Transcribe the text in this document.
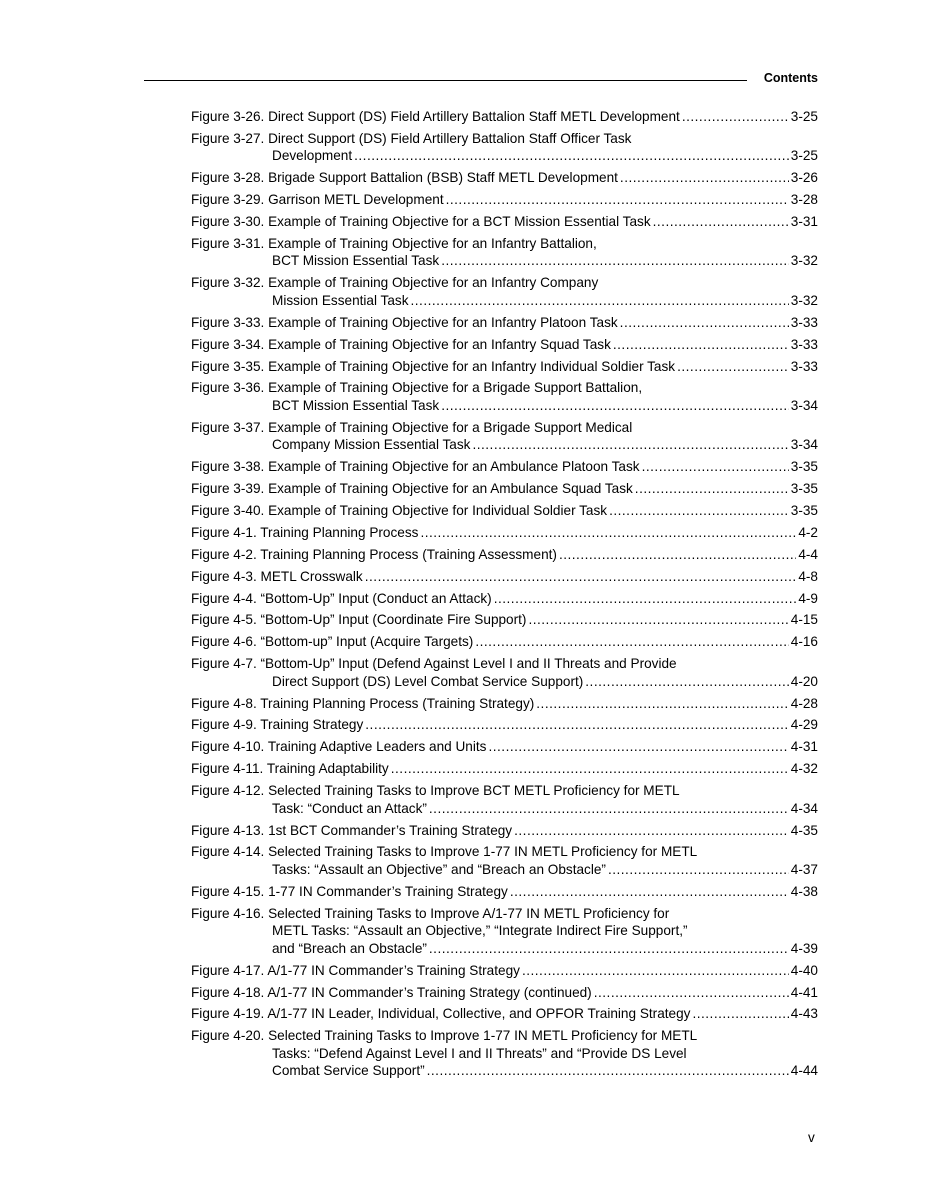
Contents
Figure 3-26. Direct Support (DS) Field Artillery Battalion Staff METL Development .....	3-25
Figure 3-27. Direct Support (DS) Field Artillery Battalion Staff Officer Task
Development .....	3-25
Figure 3-28. Brigade Support Battalion (BSB) Staff METL Development .....	3-26
Figure 3-29. Garrison METL Development .....	3-28
Figure 3-30. Example of Training Objective for a BCT Mission Essential Task .....	3-31
Figure 3-31. Example of Training Objective for an Infantry Battalion,
BCT Mission Essential Task .....	3-32
Figure 3-32. Example of Training Objective for an Infantry Company
Mission Essential Task .....	3-32
Figure 3-33. Example of Training Objective for an Infantry Platoon Task .....	3-33
Figure 3-34. Example of Training Objective for an Infantry Squad Task .....	3-33
Figure 3-35. Example of Training Objective for an Infantry Individual Soldier Task .....	3-33
Figure 3-36. Example of Training Objective for a Brigade Support Battalion,
BCT Mission Essential Task .....	3-34
Figure 3-37. Example of Training Objective for a Brigade Support Medical
Company Mission Essential Task .....	3-34
Figure 3-38. Example of Training Objective for an Ambulance Platoon Task .....	3-35
Figure 3-39. Example of Training Objective for an Ambulance Squad Task .....	3-35
Figure 3-40. Example of Training Objective for Individual Soldier Task .....	3-35
Figure 4-1. Training Planning Process .....	4-2
Figure 4-2. Training Planning Process (Training Assessment) .....	4-4
Figure 4-3. METL Crosswalk .....	4-8
Figure 4-4. “Bottom-Up” Input (Conduct an Attack) .....	4-9
Figure 4-5. “Bottom-Up” Input (Coordinate Fire Support) .....	4-15
Figure 4-6. “Bottom-up” Input (Acquire Targets) .....	4-16
Figure 4-7. “Bottom-Up” Input (Defend Against Level I and II Threats and Provide
Direct Support (DS) Level Combat Service Support) .....	4-20
Figure 4-8. Training Planning Process (Training Strategy) .....	4-28
Figure 4-9. Training Strategy .....	4-29
Figure 4-10. Training Adaptive Leaders and Units .....	4-31
Figure 4-11. Training Adaptability .....	4-32
Figure 4-12. Selected Training Tasks to Improve BCT METL Proficiency for METL
Task: “Conduct an Attack” .....	4-34
Figure 4-13. 1st BCT Commander’s Training Strategy .....	4-35
Figure 4-14. Selected Training Tasks to Improve 1-77 IN METL Proficiency for METL
Tasks: “Assault an Objective” and “Breach an Obstacle” .....	4-37
Figure 4-15. 1-77 IN Commander’s Training Strategy .....	4-38
Figure 4-16. Selected Training Tasks to Improve A/1-77 IN METL Proficiency for
METL Tasks: “Assault an Objective,” “Integrate Indirect Fire Support,”
and “Breach an Obstacle” .....	4-39
Figure 4-17. A/1-77 IN Commander’s Training Strategy .....	4-40
Figure 4-18. A/1-77 IN Commander’s Training Strategy (continued) .....	4-41
Figure 4-19. A/1-77 IN Leader, Individual, Collective, and OPFOR Training Strategy .....	4-43
Figure 4-20. Selected Training Tasks to Improve 1-77 IN METL Proficiency for METL
Tasks: “Defend Against Level I and II Threats” and “Provide DS Level
Combat Service Support” .....	4-44
v
